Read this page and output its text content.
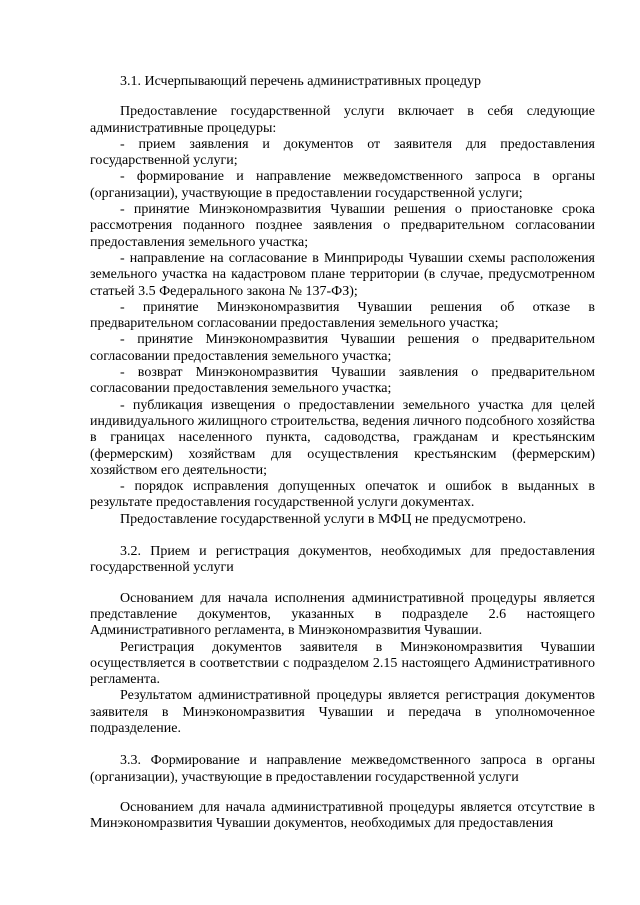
3.1. Исчерпывающий перечень административных процедур

Предоставление государственной услуги включает в себя следующие административные процедуры:

- прием заявления и документов от заявителя для предоставления государственной услуги;

- формирование и направление межведомственного запроса в органы (организации), участвующие в предоставлении государственной услуги;

- принятие Минэкономразвития Чувашии решения о приостановке срока рассмотрения поданного позднее заявления о предварительном согласовании предоставления земельного участка;

- направление на согласование в Минприроды Чувашии схемы расположения земельного участка на кадастровом плане территории (в случае, предусмотренном статьей 3.5 Федерального закона № 137-ФЗ);

- принятие Минэкономразвития Чувашии решения об отказе в предварительном согласовании предоставления земельного участка;

- принятие Минэкономразвития Чувашии решения о предварительном согласовании предоставления земельного участка;

- возврат Минэкономразвития Чувашии заявления о предварительном согласовании предоставления земельного участка;

- публикация извещения о предоставлении земельного участка для целей индивидуального жилищного строительства, ведения личного подсобного хозяйства в границах населенного пункта, садоводства, гражданам и крестьянским (фермерским) хозяйствам для осуществления крестьянским (фермерским) хозяйством его деятельности;

- порядок исправления допущенных опечаток и ошибок в выданных в результате предоставления государственной услуги документах.

Предоставление государственной услуги в МФЦ не предусмотрено.

3.2. Прием и регистрация документов, необходимых для предоставления государственной услуги

Основанием для начала исполнения административной процедуры является представление документов, указанных в подразделе 2.6 настоящего Административного регламента, в Минэкономразвития Чувашии.

Регистрация документов заявителя в Минэкономразвития Чувашии осуществляется в соответствии с подразделом 2.15 настоящего Административного регламента.

Результатом административной процедуры является регистрация документов заявителя в Минэкономразвития Чувашии и передача в уполномоченное подразделение.

3.3. Формирование и направление межведомственного запроса в органы (организации), участвующие в предоставлении государственной услуги

Основанием для начала административной процедуры является отсутствие в Минэкономразвития Чувашии документов, необходимых для предоставления
